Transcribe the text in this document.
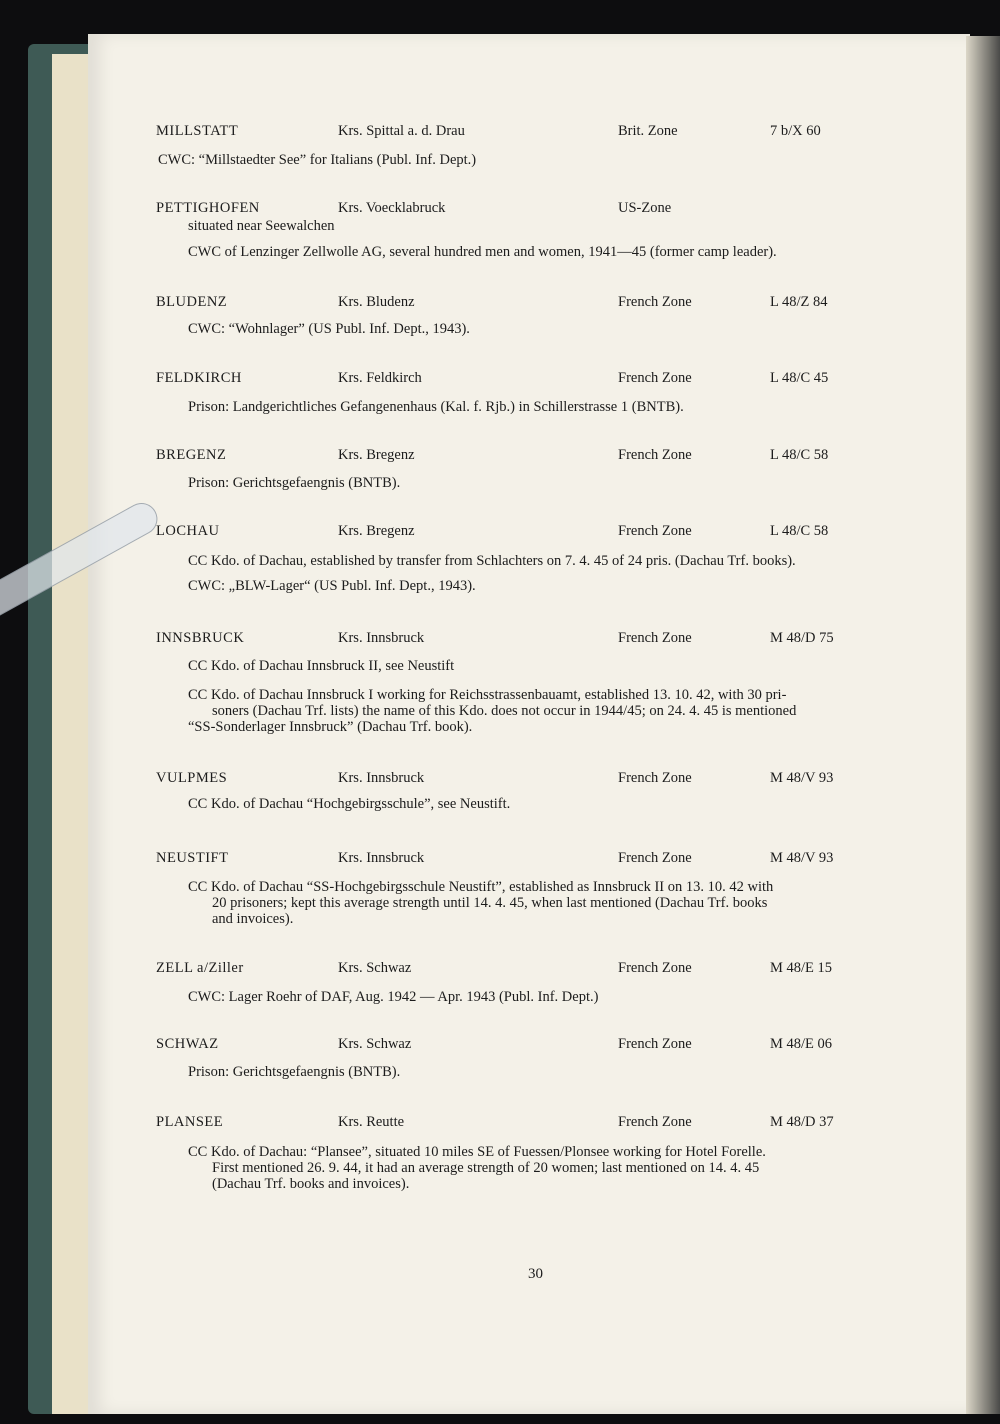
MILLSTATT	Krs. Spittal a. d. Drau	Brit. Zone	7 b/X 60
CWC: “Millstaedter See” for Italians (Publ. Inf. Dept.)
PETTIGHOFEN	Krs. Voecklabruck	US-Zone
situated near Seewalchen
CWC of Lenzinger Zellwolle AG, several hundred men and women, 1941—45 (former camp leader).
BLUDENZ	Krs. Bludenz	French Zone	L 48/Z 84
CWC: “Wohnlager” (US Publ. Inf. Dept., 1943).
FELDKIRCH	Krs. Feldkirch	French Zone	L 48/C 45
Prison: Landgerichtliches Gefangenenhaus (Kal. f. Rjb.) in Schillerstrasse 1 (BNTB).
BREGENZ	Krs. Bregenz	French Zone	L 48/C 58
Prison: Gerichtsgefaengnis (BNTB).
LOCHAU	Krs. Bregenz	French Zone	L 48/C 58
CC Kdo. of Dachau, established by transfer from Schlachters on 7. 4. 45 of 24 pris. (Dachau Trf. books).
CWC: „BLW-Lager“ (US Publ. Inf. Dept., 1943).
INNSBRUCK	Krs. Innsbruck	French Zone	M 48/D 75
CC Kdo. of Dachau Innsbruck II, see Neustift
CC Kdo. of Dachau Innsbruck I working for Reichsstrassenbauamt, established 13. 10. 42, with 30 pri-
soners (Dachau Trf. lists) the name of this Kdo. does not occur in 1944/45; on 24. 4. 45 is mentioned
“SS-Sonderlager Innsbruck” (Dachau Trf. book).
VULPMES	Krs. Innsbruck	French Zone	M 48/V 93
CC Kdo. of Dachau “Hochgebirgsschule”, see Neustift.
NEUSTIFT	Krs. Innsbruck	French Zone	M 48/V 93
CC Kdo. of Dachau “SS-Hochgebirgsschule Neustift”, established as Innsbruck II on 13. 10. 42 with
20 prisoners; kept this average strength until 14. 4. 45, when last mentioned (Dachau Trf. books
and invoices).
ZELL a/Ziller	Krs. Schwaz	French Zone	M 48/E 15
CWC: Lager Roehr of DAF, Aug. 1942 — Apr. 1943 (Publ. Inf. Dept.)
SCHWAZ	Krs. Schwaz	French Zone	M 48/E 06
Prison: Gerichtsgefaengnis (BNTB).
PLANSEE	Krs. Reutte	French Zone	M 48/D 37
CC Kdo. of Dachau: “Plansee”, situated 10 miles SE of Fuessen/Plonsee working for Hotel Forelle.
First mentioned 26. 9. 44, it had an average strength of 20 women; last mentioned on 14. 4. 45
(Dachau Trf. books and invoices).
30
